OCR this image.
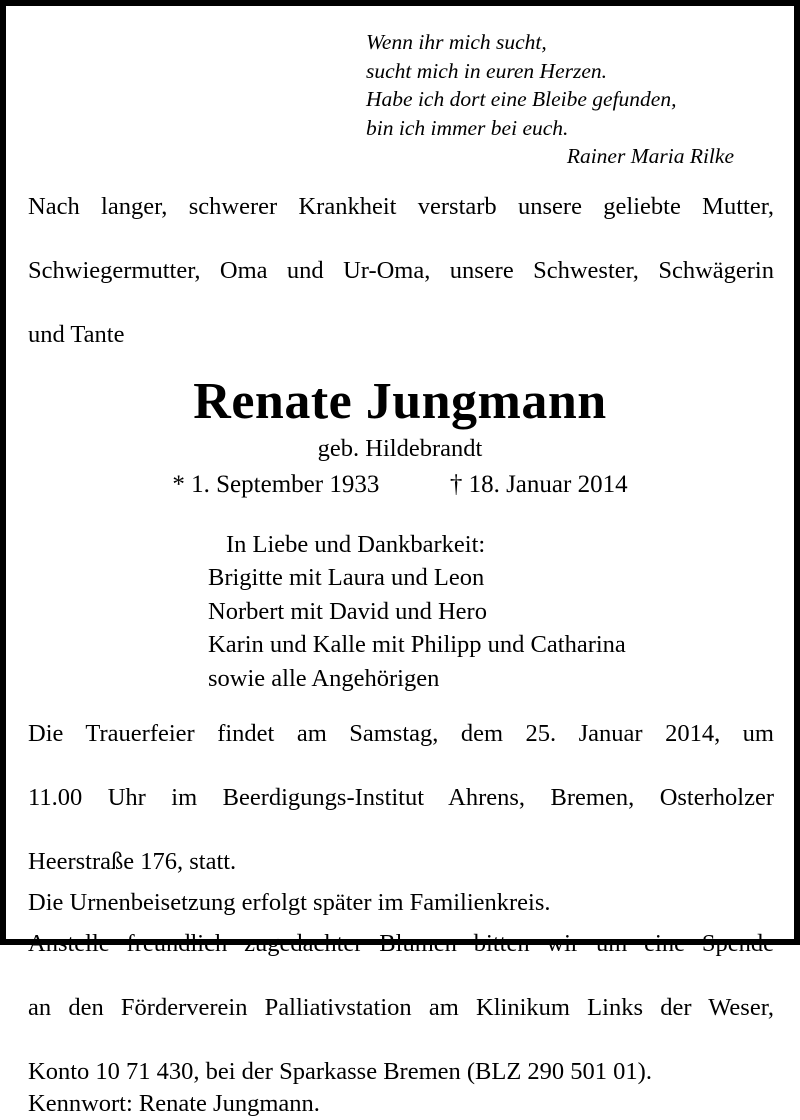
Wenn ihr mich sucht,
sucht mich in euren Herzen.
Habe ich dort eine Bleibe gefunden,
bin ich immer bei euch.
Rainer Maria Rilke
Nach langer, schwerer Krankheit verstarb unsere geliebte Mutter,
Schwiegermutter, Oma und Ur-Oma, unsere Schwester, Schwägerin
und Tante
Renate Jungmann
geb. Hildebrandt
* 1. September 1933	† 18. Januar 2014
In Liebe und Dankbarkeit:
Brigitte mit Laura und Leon
Norbert mit David und Hero
Karin und Kalle mit Philipp und Catharina
sowie alle Angehörigen
Die Trauerfeier findet am Samstag, dem 25. Januar 2014, um
11.00 Uhr im Beerdigungs-Institut Ahrens, Bremen, Osterholzer
Heerstraße 176, statt.
Die Urnenbeisetzung erfolgt später im Familienkreis.
Anstelle freundlich zugedachter Blumen bitten wir um eine Spende
an den Förderverein Palliativstation am Klinikum Links der Weser,
Konto 10 71 430, bei der Sparkasse Bremen (BLZ 290 501 01).
Kennwort: Renate Jungmann.
